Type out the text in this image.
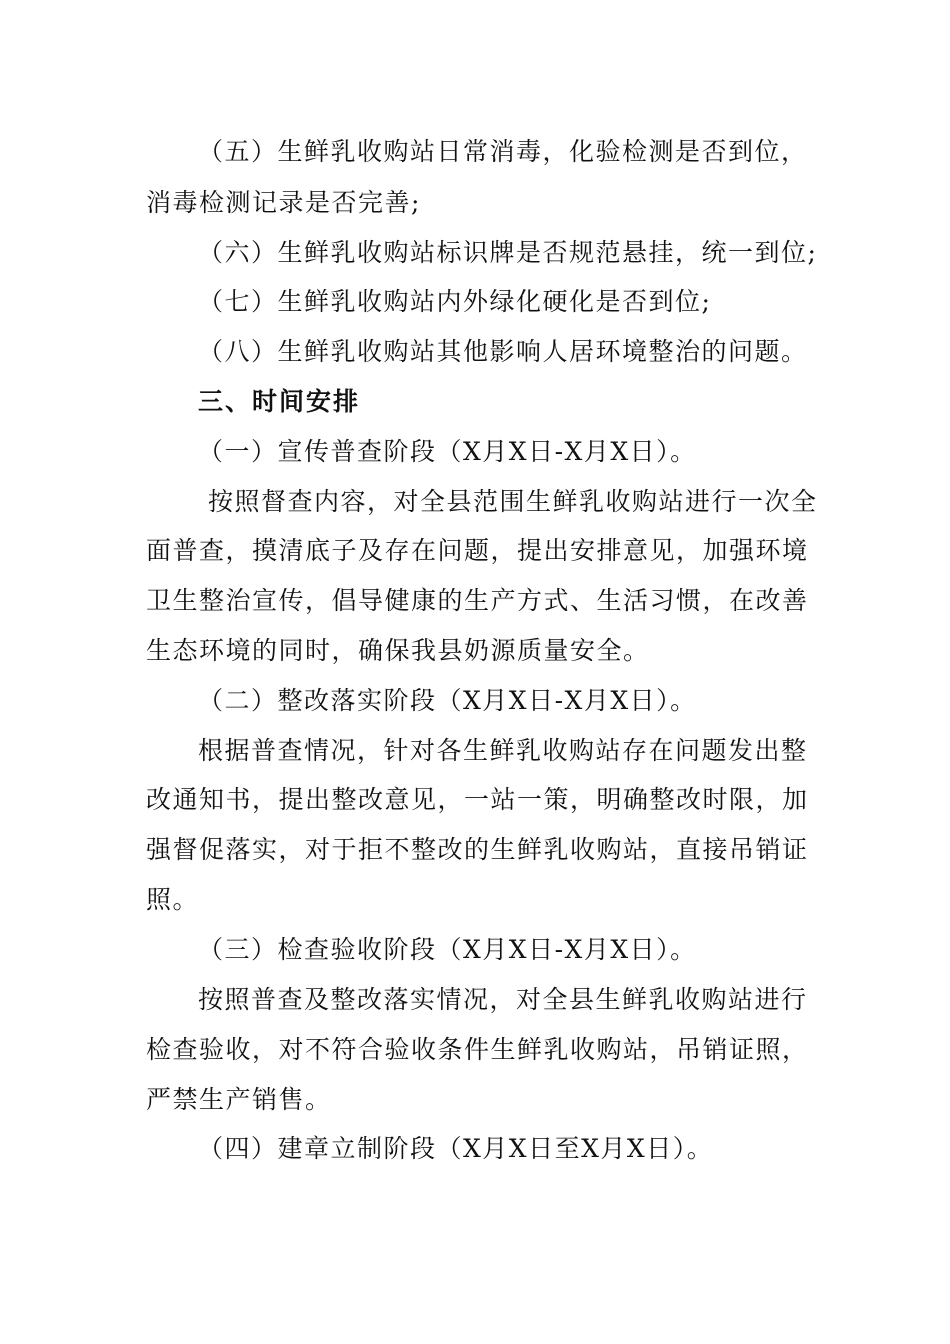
（五）生鲜乳收购站日常消毒，化验检测是否到位，
消毒检测记录是否完善;
（六）生鲜乳收购站标识牌是否规范悬挂，统一到位;
（七）生鲜乳收购站内外绿化硬化是否到位;
（八）生鲜乳收购站其他影响人居环境整治的问题。
三、时间安排
（一）宣传普查阶段（X月X日-X月X日）。
按照督查内容，对全县范围生鲜乳收购站进行一次全
面普查，摸清底子及存在问题，提出安排意见，加强环境
卫生整治宣传，倡导健康的生产方式、生活习惯，在改善
生态环境的同时，确保我县奶源质量安全。
（二）整改落实阶段（X月X日-X月X日）。
根据普查情况，针对各生鲜乳收购站存在问题发出整
改通知书，提出整改意见，一站一策，明确整改时限，加
强督促落实，对于拒不整改的生鲜乳收购站，直接吊销证
照。
（三）检查验收阶段（X月X日-X月X日）。
按照普查及整改落实情况，对全县生鲜乳收购站进行
检查验收，对不符合验收条件生鲜乳收购站，吊销证照，
严禁生产销售。
（四）建章立制阶段（X月X日至X月X日）。
